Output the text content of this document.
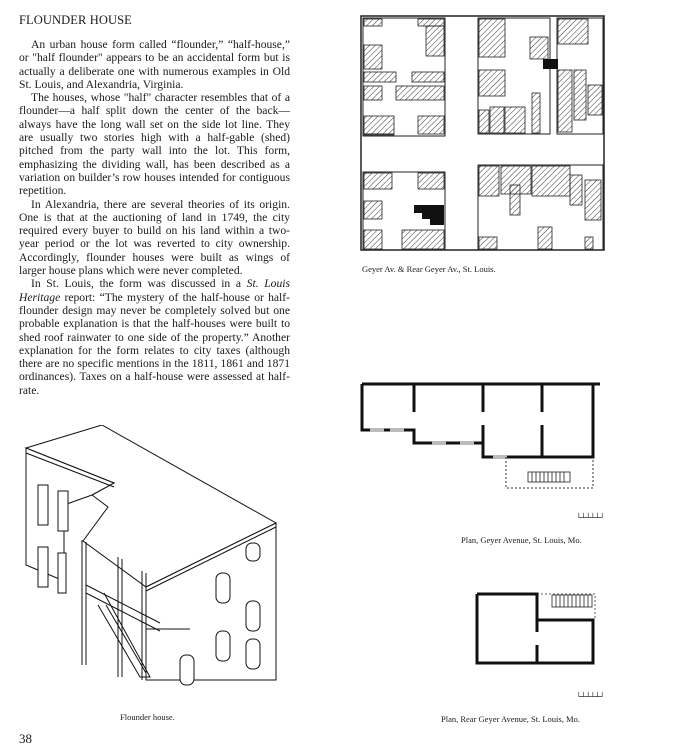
FLOUNDER HOUSE

An urban house form called “flounder,” “half-house,” or "half flounder" appears to be an accidental form but is actually a deliberate one with numerous examples in Old St. Louis, and Alexandria, Virginia.

The houses, whose "half" character resembles that of a flounder—a half split down the center of the back—always have the long wall set on the side lot line. They are usually two stories high with a half-gable (shed) pitched from the party wall into the lot. This form, emphasizing the dividing wall, has been described as a variation on builder’s row houses intended for contiguous repetition.

In Alexandria, there are several theories of its origin. One is that at the auctioning of land in 1749, the city required every buyer to build on his land within a two-year period or the lot was reverted to city ownership. Accordingly, flounder houses were built as wings of larger house plans which were never completed.

In St. Louis, the form was discussed in a St. Louis Heritage report: “The mystery of the half-house or half-flounder design may never be completely solved but one probable explanation is that the half-houses were built to shed roof rainwater to one side of the property.” Another explanation for the form relates to city taxes (although there are no specific mentions in the 1811, 1861 and 1871 ordinances). Taxes on a half-house were assessed at half-rate.

Geyer Av. & Rear Geyer Av., St. Louis.
└┴┴┴┴┘
Plan, Geyer Avenue, St. Louis, Mo.
└┴┴┴┴┘
Plan, Rear Geyer Avenue, St. Louis, Mo.
Flounder house.
38
